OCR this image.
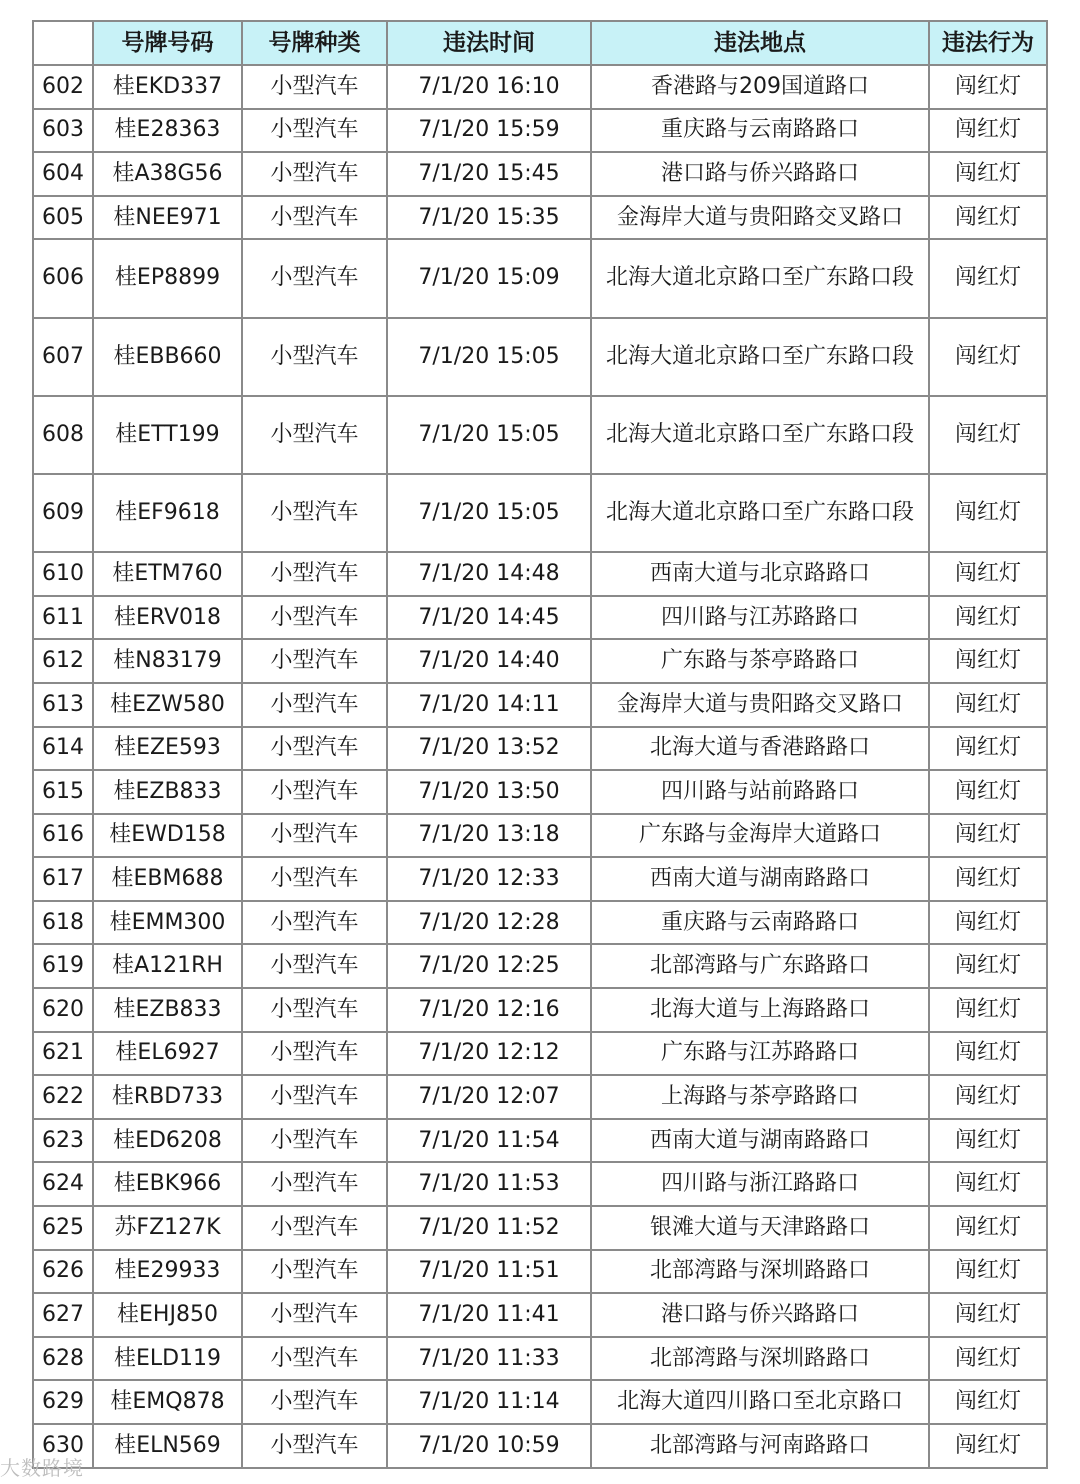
	号牌号码	号牌种类	违法时间	违法地点	违法行为
602	桂EKD337	小型汽车	7/1/20 16:10	香港路与209国道路口	闯红灯
603	桂E28363	小型汽车	7/1/20 15:59	重庆路与云南路路口	闯红灯
604	桂A38G56	小型汽车	7/1/20 15:45	港口路与侨兴路路口	闯红灯
605	桂NEE971	小型汽车	7/1/20 15:35	金海岸大道与贵阳路交叉路口	闯红灯
606	桂EP8899	小型汽车	7/1/20 15:09	北海大道北京路口至广东路口段	闯红灯
607	桂EBB660	小型汽车	7/1/20 15:05	北海大道北京路口至广东路口段	闯红灯
608	桂ETT199	小型汽车	7/1/20 15:05	北海大道北京路口至广东路口段	闯红灯
609	桂EF9618	小型汽车	7/1/20 15:05	北海大道北京路口至广东路口段	闯红灯
610	桂ETM760	小型汽车	7/1/20 14:48	西南大道与北京路路口	闯红灯
611	桂ERV018	小型汽车	7/1/20 14:45	四川路与江苏路路口	闯红灯
612	桂N83179	小型汽车	7/1/20 14:40	广东路与茶亭路路口	闯红灯
613	桂EZW580	小型汽车	7/1/20 14:11	金海岸大道与贵阳路交叉路口	闯红灯
614	桂EZE593	小型汽车	7/1/20 13:52	北海大道与香港路路口	闯红灯
615	桂EZB833	小型汽车	7/1/20 13:50	四川路与站前路路口	闯红灯
616	桂EWD158	小型汽车	7/1/20 13:18	广东路与金海岸大道路口	闯红灯
617	桂EBM688	小型汽车	7/1/20 12:33	西南大道与湖南路路口	闯红灯
618	桂EMM300	小型汽车	7/1/20 12:28	重庆路与云南路路口	闯红灯
619	桂A121RH	小型汽车	7/1/20 12:25	北部湾路与广东路路口	闯红灯
620	桂EZB833	小型汽车	7/1/20 12:16	北海大道与上海路路口	闯红灯
621	桂EL6927	小型汽车	7/1/20 12:12	广东路与江苏路路口	闯红灯
622	桂RBD733	小型汽车	7/1/20 12:07	上海路与茶亭路路口	闯红灯
623	桂ED6208	小型汽车	7/1/20 11:54	西南大道与湖南路路口	闯红灯
624	桂EBK966	小型汽车	7/1/20 11:53	四川路与浙江路路口	闯红灯
625	苏FZ127K	小型汽车	7/1/20 11:52	银滩大道与天津路路口	闯红灯
626	桂E29933	小型汽车	7/1/20 11:51	北部湾路与深圳路路口	闯红灯
627	桂EHJ850	小型汽车	7/1/20 11:41	港口路与侨兴路路口	闯红灯
628	桂ELD119	小型汽车	7/1/20 11:33	北部湾路与深圳路路口	闯红灯
629	桂EMQ878	小型汽车	7/1/20 11:14	北海大道四川路口至北京路口	闯红灯
630	桂ELN569	小型汽车	7/1/20 10:59	北部湾路与河南路路口	闯红灯
大数路境
